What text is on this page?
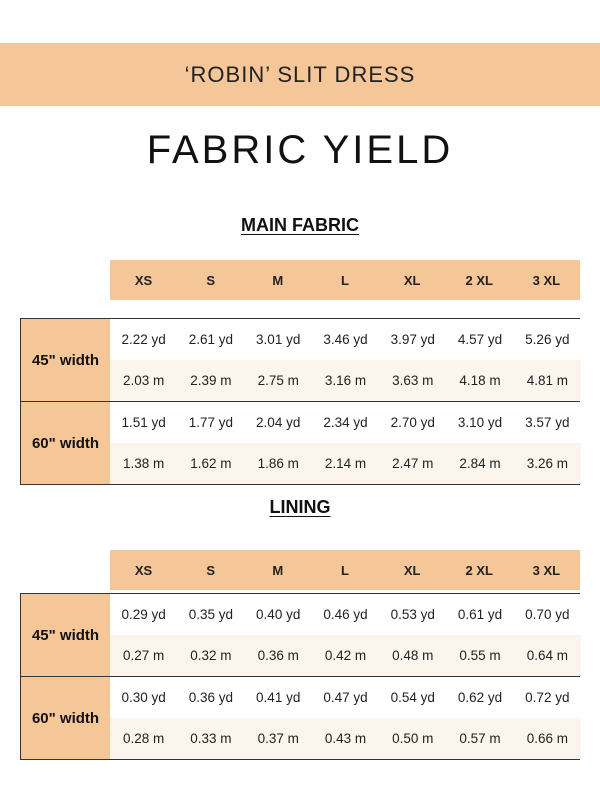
‘ROBIN’ SLIT DRESS
FABRIC YIELD
MAIN FABRIC
XS	S	M	L	XL	2 XL	3 XL
45" width
2.22 yd	2.61 yd	3.01 yd	3.46 yd	3.97 yd	4.57 yd	5.26 yd
2.03 m	2.39 m	2.75 m	3.16 m	3.63 m	4.18 m	4.81 m
60" width
1.51 yd	1.77 yd	2.04 yd	2.34 yd	2.70 yd	3.10 yd	3.57 yd
1.38 m	1.62 m	1.86 m	2.14 m	2.47 m	2.84 m	3.26 m
LINING
XS	S	M	L	XL	2 XL	3 XL
45" width
0.29 yd	0.35 yd	0.40 yd	0.46 yd	0.53 yd	0.61 yd	0.70 yd
0.27 m	0.32 m	0.36 m	0.42 m	0.48 m	0.55 m	0.64 m
60" width
0.30 yd	0.36 yd	0.41 yd	0.47 yd	0.54 yd	0.62 yd	0.72 yd
0.28 m	0.33 m	0.37 m	0.43 m	0.50 m	0.57 m	0.66 m
